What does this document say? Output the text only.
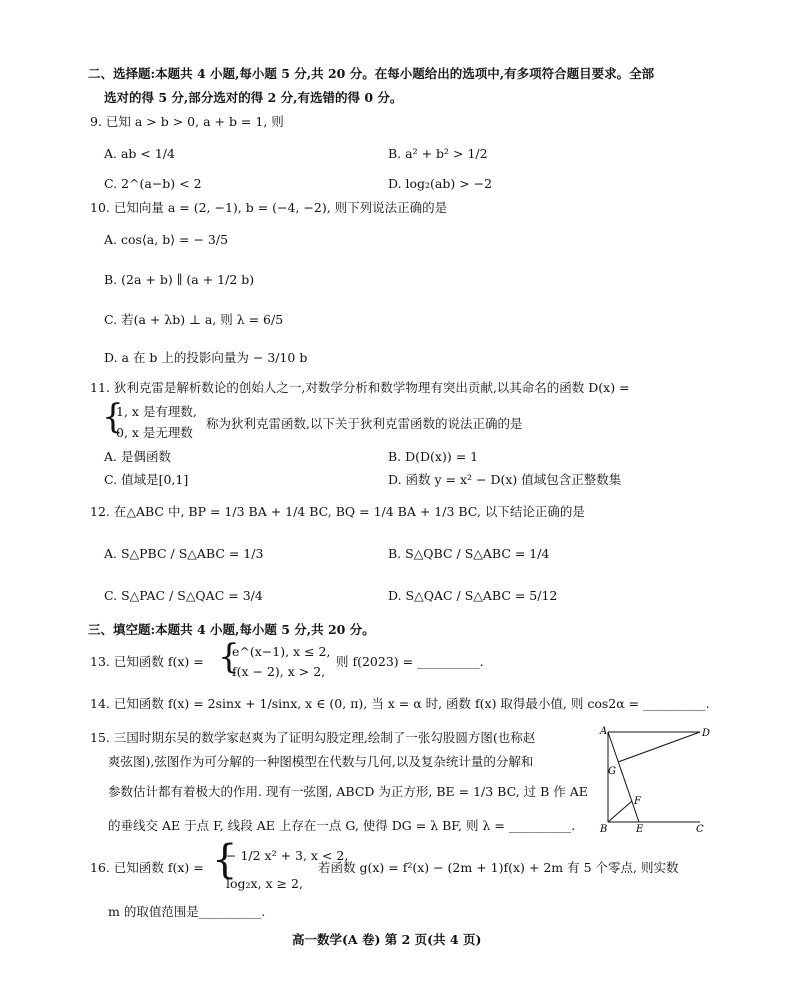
二、选择题:本题共 4 小题,每小题 5 分,共 20 分。在每小题给出的选项中,有多项符合题目要求。全部
选对的得 5 分,部分选对的得 2 分,有选错的得 0 分。
9. 已知 a > b > 0, a + b = 1, 则
A. ab < 1/4	B. a² + b² > 1/2
C. 2^(a−b) < 2	D. log₂(ab) > −2
10. 已知向量 a = (2, −1), b = (−4, −2), 则下列说法正确的是
A. cos⟨a, b⟩ = − 3/5
B. (2a + b) ∥ (a + 1/2 b)
C. 若(a + λb) ⊥ a, 则 λ = 6/5
D. a 在 b 上的投影向量为 − 3/10 b
11. 狄利克雷是解析数论的创始人之一,对数学分析和数学物理有突出贡献,以其命名的函数 D(x) =
{
1, x 是有理数,
0, x 是无理数
称为狄利克雷函数,以下关于狄利克雷函数的说法正确的是
A. 是偶函数	B. D(D(x)) = 1
C. 值域是[0,1]	D. 函数 y = x² − D(x) 值域包含正整数集
12. 在△ABC 中, BP = 1/3 BA + 1/4 BC, BQ = 1/4 BA + 1/3 BC, 以下结论正确的是
A. S△PBC / S△ABC = 1/3	B. S△QBC / S△ABC = 1/4
C. S△PAC / S△QAC = 3/4	D. S△QAC / S△ABC = 5/12
三、填空题:本题共 4 小题,每小题 5 分,共 20 分。
13. 已知函数 f(x) = {
e^(x−1), x ≤ 2,
f(x − 2), x > 2,
则 f(2023) = __________.
14. 已知函数 f(x) = 2sinx + 1/sinx, x ∈ (0, π), 当 x = α 时, 函数 f(x) 取得最小值, 则 cos2α = __________.
15. 三国时期东吴的数学家赵爽为了证明勾股定理,绘制了一张勾股圆方图(也称赵
爽弦图),弦图作为可分解的一种图模型在代数与几何,以及复杂统计量的分解和
参数估计都有着极大的作用. 现有一弦图, ABCD 为正方形, BE = 1/3 BC, 过 B 作 AE
的垂线交 AE 于点 F, 线段 AE 上存在一点 G, 使得 DG = λ BF, 则 λ = __________.
A	D
B	C
E
F
G
16. 已知函数 f(x) = {
− 1/2 x² + 3, x < 2,
log₂x, x ≥ 2,
若函数 g(x) = f²(x) − (2m + 1)f(x) + 2m 有 5 个零点, 则实数
m 的取值范围是__________.
高一数学(A 卷) 第 2 页(共 4 页)
